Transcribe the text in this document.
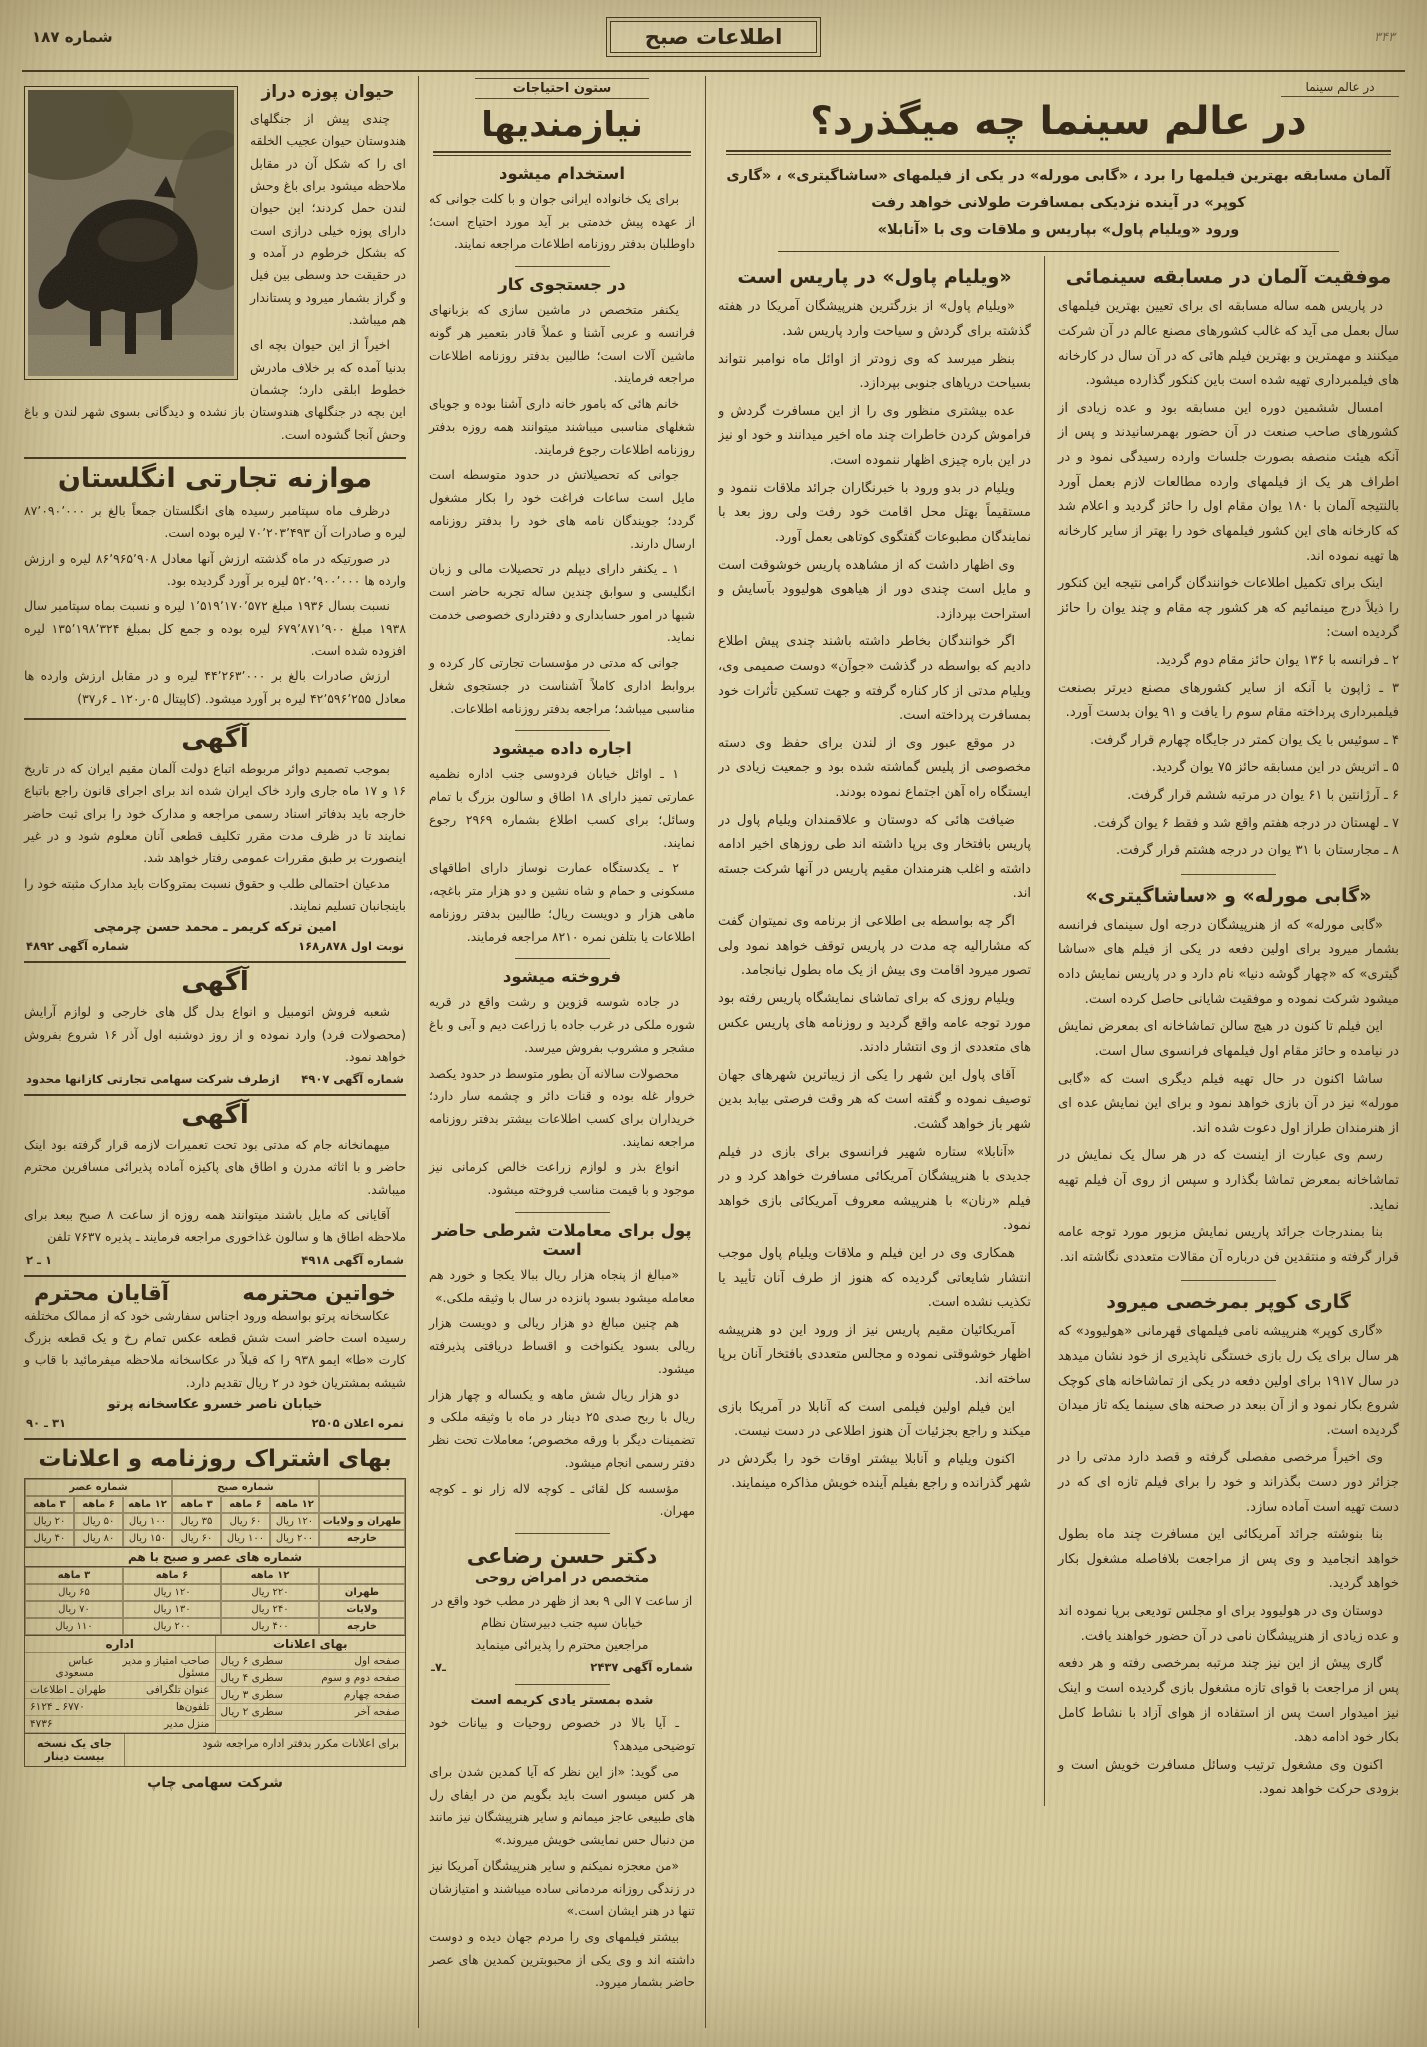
۳۴۳
اطلاعات صبح
شماره ۱۸۷
در عالم سینما
در عالم سینما چه میگذرد؟
آلمان مسابقه بهترین فیلمها را برد ، «گابی مورله» در یکی از فیلمهای «ساشاگیتری» ، «گاری کوپر» در آینده نزدیکی بمسافرت طولانی خواهد رفت
ورود «ویلیام پاول» بپاریس و ملاقات وی با «آنابلا»
موفقیت آلمان در مسابقه سینمائی

در پاریس همه ساله مسابقه ای برای تعیین بهترین فیلمهای سال بعمل می آید که غالب کشورهای مصنع عالم در آن شرکت میکنند و مهمترین و بهترین فیلم هائی که در آن سال در کارخانه های فیلمبرداری تهیه شده است باین کنکور گذارده میشود.

امسال ششمین دوره این مسابقه بود و عده زیادی از کشورهای صاحب صنعت در آن حضور بهمرسانیدند و پس از آنکه هیئت منصفه بصورت جلسات وارده رسیدگی نمود و در اطراف هر یک از فیلمهای وارده مطالعات لازم بعمل آورد بالنتیجه آلمان با ۱۸۰ یوان مقام اول را حائز گردید و اعلام شد که کارخانه های این کشور فیلمهای خود را بهتر از سایر کارخانه ها تهیه نموده اند.

اینک برای تکمیل اطلاعات خوانندگان گرامی نتیجه این کنکور را ذیلاً درج مینمائیم که هر کشور چه مقام و چند یوان را حائز گردیده است:

۲ ـ فرانسه با ۱۳۶ یوان حائز مقام دوم گردید.

۳ ـ ژاپون با آنکه از سایر کشورهای مصنع دیرتر بصنعت فیلمبرداری پرداخته مقام سوم را یافت و ۹۱ یوان بدست آورد.

۴ ـ سوئیس با یک یوان کمتر در جایگاه چهارم قرار گرفت.

۵ ـ اتریش در این مسابقه حائز ۷۵ یوان گردید.

۶ ـ آرژانتین با ۶۱ یوان در مرتبه ششم قرار گرفت.

۷ ـ لهستان در درجه هفتم واقع شد و فقط ۶ یوان گرفت.

۸ ـ مجارستان با ۳۱ یوان در درجه هشتم قرار گرفت.

«گابی مورله» و «ساشاگیتری»

«گابی مورله» که از هنرپیشگان درجه اول سینمای فرانسه بشمار میرود برای اولین دفعه در یکی از فیلم های «ساشا گیتری» که «چهار گوشه دنیا» نام دارد و در پاریس نمایش داده میشود شرکت نموده و موفقیت شایانی حاصل کرده است.

این فیلم تا کنون در هیچ سالن تماشاخانه ای بمعرض نمایش در نیامده و حائز مقام اول فیلمهای فرانسوی سال است.

ساشا اکنون در حال تهیه فیلم دیگری است که «گابی مورله» نیز در آن بازی خواهد نمود و برای این نمایش عده ای از هنرمندان طراز اول دعوت شده اند.

رسم وی عبارت از اینست که در هر سال یک نمایش در تماشاخانه بمعرض تماشا بگذارد و سپس از روی آن فیلم تهیه نماید.

بنا بمندرجات جرائد پاریس نمایش مزبور مورد توجه عامه قرار گرفته و منتقدین فن درباره آن مقالات متعددی نگاشته اند.

گاری کوپر بمرخصی میرود

«گاری کوپر» هنرپیشه نامی فیلمهای قهرمانی «هولیوود» که هر سال برای یک رل بازی خستگی ناپذیری از خود نشان میدهد در سال ۱۹۱۷ برای اولین دفعه در یکی از تماشاخانه های کوچک شروع بکار نمود و از آن ببعد در صحنه های سینما یکه تاز میدان گردیده است.

وی اخیراً مرخصی مفصلی گرفته و قصد دارد مدتی را در جزائر دور دست بگذراند و خود را برای فیلم تازه ای که در دست تهیه است آماده سازد.

بنا بنوشته جرائد آمریکائی این مسافرت چند ماه بطول خواهد انجامید و وی پس از مراجعت بلافاصله مشغول بکار خواهد گردید.

دوستان وی در هولیوود برای او مجلس تودیعی برپا نموده اند و عده زیادی از هنرپیشگان نامی در آن حضور خواهند یافت.

گاری پیش از این نیز چند مرتبه بمرخصی رفته و هر دفعه پس از مراجعت با قوای تازه مشغول بازی گردیده است و اینک نیز امیدوار است پس از استفاده از هوای آزاد با نشاط کامل بکار خود ادامه دهد.

اکنون وی مشغول ترتیب وسائل مسافرت خویش است و بزودی حرکت خواهد نمود.

«ویلیام پاول» در پاریس است

«ویلیام پاول» از بزرگترین هنرپیشگان آمریکا در هفته گذشته برای گردش و سیاحت وارد پاریس شد.

بنظر میرسد که وی زودتر از اوائل ماه نوامبر نتواند بسیاحت دریاهای جنوبی بپردازد.

عده بیشتری منظور وی را از این مسافرت گردش و فراموش کردن خاطرات چند ماه اخیر میدانند و خود او نیز در این باره چیزی اظهار ننموده است.

ویلیام در بدو ورود با خبرنگاران جرائد ملاقات ننمود و مستقیماً بهتل محل اقامت خود رفت ولی روز بعد با نمایندگان مطبوعات گفتگوی کوتاهی بعمل آورد.

وی اظهار داشت که از مشاهده پاریس خوشوقت است و مایل است چندی دور از هیاهوی هولیوود بآسایش و استراحت بپردازد.

اگر خوانندگان بخاطر داشته باشند چندی پیش اطلاع دادیم که بواسطه در گذشت «جوآن» دوست صمیمی وی، ویلیام مدتی از کار کناره گرفته و جهت تسکین تأثرات خود بمسافرت پرداخته است.

در موقع عبور وی از لندن برای حفظ وی دسته مخصوصی از پلیس گماشته شده بود و جمعیت زیادی در ایستگاه راه آهن اجتماع نموده بودند.

ضیافت هائی که دوستان و علاقمندان ویلیام پاول در پاریس بافتخار وی برپا داشته اند طی روزهای اخیر ادامه داشته و اغلب هنرمندان مقیم پاریس در آنها شرکت جسته اند.

اگر چه بواسطه بی اطلاعی از برنامه وی نمیتوان گفت که مشارالیه چه مدت در پاریس توقف خواهد نمود ولی تصور میرود اقامت وی بیش از یک ماه بطول نیانجامد.

ویلیام روزی که برای تماشای نمایشگاه پاریس رفته بود مورد توجه عامه واقع گردید و روزنامه های پاریس عکس های متعددی از وی انتشار دادند.

آقای پاول این شهر را یکی از زیباترین شهرهای جهان توصیف نموده و گفته است که هر وقت فرصتی بیابد بدین شهر باز خواهد گشت.

«آنابلا» ستاره شهیر فرانسوی برای بازی در فیلم جدیدی با هنرپیشگان آمریکائی مسافرت خواهد کرد و در فیلم «رنان» با هنرپیشه معروف آمریکائی بازی خواهد نمود.

همکاری وی در این فیلم و ملاقات ویلیام پاول موجب انتشار شایعاتی گردیده که هنوز از طرف آنان تأیید یا تکذیب نشده است.

آمریکائیان مقیم پاریس نیز از ورود این دو هنرپیشه اظهار خوشوقتی نموده و مجالس متعددی بافتخار آنان برپا ساخته اند.

این فیلم اولین فیلمی است که آنابلا در آمریکا بازی میکند و راجع بجزئیات آن هنوز اطلاعی در دست نیست.

اکنون ویلیام و آنابلا بیشتر اوقات خود را بگردش در شهر گذرانده و راجع بفیلم آینده خویش مذاکره مینمایند.

ستون احتیاجات
نیازمندیها
استخدام میشود

برای یک خانواده ایرانی جوان و با کلت جوانی که از عهده پیش خدمتی بر آید مورد احتیاج است؛ داوطلبان بدفتر روزنامه اطلاعات مراجعه نمایند.

در جستجوی کار

یکنفر متخصص در ماشین سازی که بزبانهای فرانسه و عربی آشنا و عملاً قادر بتعمیر هر گونه ماشین آلات است؛ طالبین بدفتر روزنامه اطلاعات مراجعه فرمایند.

خانم هائی که بامور خانه داری آشنا بوده و جویای شغلهای مناسبی میباشند میتوانند همه روزه بدفتر روزنامه اطلاعات رجوع فرمایند.

جوانی که تحصیلاتش در حدود متوسطه است مایل است ساعات فراغت خود را بکار مشغول گردد؛ جویندگان نامه های خود را بدفتر روزنامه ارسال دارند.

۱ ـ یکنفر دارای دیپلم در تحصیلات مالی و زبان انگلیسی و سوابق چندین ساله تجربه حاضر است شبها در امور حسابداری و دفترداری خصوصی خدمت نماید.

جوانی که مدتی در مؤسسات تجارتی کار کرده و بروابط اداری کاملاً آشناست در جستجوی شغل مناسبی میباشد؛ مراجعه بدفتر روزنامه اطلاعات.

اجاره داده میشود

۱ ـ اوائل خیابان فردوسی جنب اداره نظمیه عمارتی تمیز دارای ۱۸ اطاق و سالون بزرگ با تمام وسائل؛ برای کسب اطلاع بشماره ۲۹۶۹ رجوع نمایند.

۲ ـ یکدستگاه عمارت نوساز دارای اطاقهای مسکونی و حمام و شاه نشین و دو هزار متر باغچه، ماهی هزار و دویست ریال؛ طالبین بدفتر روزنامه اطلاعات یا بتلفن نمره ۸۲۱۰ مراجعه فرمایند.

فروخته میشود

در جاده شوسه قزوین و رشت واقع در قریه شوره ملکی در غرب جاده با زراعت دیم و آبی و باغ مشجر و مشروب بفروش میرسد.

محصولات سالانه آن بطور متوسط در حدود یکصد خروار غله بوده و قنات دائر و چشمه سار دارد؛ خریداران برای کسب اطلاعات بیشتر بدفتر روزنامه مراجعه نمایند.

انواع بذر و لوازم زراعت خالص کرمانی نیز موجود و با قیمت مناسب فروخته میشود.

پول برای معاملات شرطی حاضر است

«مبالغ از پنجاه هزار ریال ببالا یکجا و خورد هم معامله میشود بسود پانزده در سال با وثیقه ملکی.»

هم چنین مبالغ دو هزار ریالی و دویست هزار ریالی بسود یکنواخت و اقساط دریافتی پذیرفته میشود.

دو هزار ریال شش ماهه و یکساله و چهار هزار ریال با ربح صدی ۲۵ دینار در ماه با وثیقه ملکی و تضمینات دیگر با ورقه مخصوص؛ معاملات تحت نظر دفتر رسمی انجام میشود.

مؤسسه کل لقائی ـ کوچه لاله زار نو ـ کوچه مهران.

دکتر حسن رضاعی
متخصص در امراض روحی

از ساعت ۷ الی ۹ بعد از ظهر در مطب خود واقع در خیابان سپه جنب دبیرستان نظام

مراجعین محترم را پذیرائی مینماید

شماره آگهی ۲۴۳۷
ـ۷ـ
شده بمستر یادی کریمه است

ـ آیا بالا در خصوص روحیات و بیانات خود توضیحی میدهد؟

می گوید: «از این نظر که آیا کمدین شدن برای هر کس میسور است باید بگویم من در ایفای رل های طبیعی عاجز میمانم و سایر هنرپیشگان نیز مانند من دنبال حس نمایشی خویش میروند.»

«من معجزه نمیکنم و سایر هنرپیشگان آمریکا نیز در زندگی روزانه مردمانی ساده میباشند و امتیازشان تنها در هنر ایشان است.»

بیشتر فیلمهای وی را مردم جهان دیده و دوست داشته اند و وی یکی از محبوبترین کمدین های عصر حاضر بشمار میرود.

حیوان پوزه دراز

چندی پیش از جنگلهای هندوستان حیوان عجیب الخلقه ای را که شکل آن در مقابل ملاحظه میشود برای باغ وحش لندن حمل کردند؛ این حیوان دارای پوزه خیلی درازی است که بشکل خرطوم در آمده و در حقیقت حد وسطی بین فیل و گراز بشمار میرود و پستاندار هم میباشد.

اخیراً از این حیوان بچه ای بدنیا آمده که بر خلاف مادرش خطوط ابلقی دارد؛ چشمان این بچه در جنگلهای هندوستان باز نشده و دیدگانی بسوی شهر لندن و باغ وحش آنجا گشوده است.

موازنه تجارتی انگلستان

درظرف ماه سپتامبر رسیده های انگلستان جمعاً بالغ بر ۸۷٬۰۹۰٬۰۰۰ لیره و صادرات آن ۷۰٬۲۰۳٬۴۹۳ لیره بوده است.

در صورتیکه در ماه گذشته ارزش آنها معادل ۸۶٬۹۶۵٬۹۰۸ لیره و ارزش وارده ها ۵۲۰٬۹۰۰٬۰۰۰ لیره بر آورد گردیده بود.

نسبت بسال ۱۹۳۶ مبلغ ۱٬۵۱۹٬۱۷۰٬۵۷۲ لیره و نسبت بماه سپتامبر سال ۱۹۳۸ مبلغ ۶۷۹٬۸۷۱٬۹۰۰ لیره بوده و جمع کل بمبلغ ۱۳۵٬۱۹۸٬۳۲۴ لیره افزوده شده است.

ارزش صادرات بالغ بر ۴۴٬۲۶۳٬۰۰۰ لیره و در مقابل ارزش وارده ها معادل ۴۲٬۵۹۶٬۲۵۵ لیره بر آورد میشود. (کاپیتال ۰۵ر۱۲۰ ـ ۶ر۳۷)

آگهی

بموجب تصمیم دوائر مربوطه اتباع دولت آلمان مقیم ایران که در تاریخ ۱۶ و ۱۷ ماه جاری وارد خاک ایران شده اند برای اجرای قانون راجع باتباع خارجه باید بدفاتر اسناد رسمی مراجعه و مدارک خود را برای ثبت حاضر نمایند تا در ظرف مدت مقرر تکلیف قطعی آنان معلوم شود و در غیر اینصورت بر طبق مقررات عمومی رفتار خواهد شد.

مدعیان احتمالی طلب و حقوق نسبت بمتروکات باید مدارک مثبته خود را باینجانبان تسلیم نمایند.

امین ترکه کریمر ـ محمد حسن چرمچی
نوبت اول ۸۷۸ر۱۶۸
شماره آگهی ۴۸۹۲
آگهی

شعبه فروش اتومبیل و انواع بدل گل های خارجی و لوازم آرایش (محصولات فرد) وارد نموده و از روز دوشنبه اول آذر ۱۶ شروع بفروش خواهد نمود.

شماره آگهی ۴۹۰۷
ازطرف شرکت سهامی تجارتی کازانها محدود
آگهی

میهمانخانه جام که مدتی بود تحت تعمیرات لازمه قرار گرفته بود اینک حاضر و با اثاثه مدرن و اطاق های پاکیزه آماده پذیرائی مسافرین محترم میباشد.

آقایانی که مایل باشند میتوانند همه روزه از ساعت ۸ صبح ببعد برای ملاحظه اطاق ها و سالون غذاخوری مراجعه فرمایند ـ پذیره ۷۶۳۷ تلفن

شماره آگهی ۴۹۱۸
۱ ـ ۲
خواتین محترمه
آقایان محترم

عکاسخانه پرتو بواسطه ورود اجناس سفارشی خود که از ممالک مختلفه رسیده است حاضر است شش قطعه عکس تمام رخ و یک قطعه بزرگ کارت «طا» ایمو ۹۳۸ را که قبلاً در عکاسخانه ملاحظه میفرمائید با قاب و شیشه بمشتریان خود در ۲ ریال تقدیم دارد.

خیابان ناصر خسرو عکاسخانه پرتو
نمره اعلان ۲۵۰۵
۳۱ ـ ۹۰
بهای اشتراک روزنامه و اعلانات
شماره صبح
شماره عصر
۱۲ ماهه
۶ ماهه
۳ ماهه
۱۲ ماهه
۶ ماهه
۳ ماهه
طهران و ولایات
۱۲۰ ریال
۶۰ ریال
۳۵ ریال
۱۰۰ ریال
۵۰ ریال
۲۰ ریال
خارجه
۲۰۰ ریال
۱۰۰ ریال
۶۰ ریال
۱۵۰ ریال
۸۰ ریال
۴۰ ریال
شماره های عصر و صبح با هم
۱۲ ماهه
۶ ماهه
۳ ماهه
طهران
۲۲۰ ریال
۱۲۰ ریال
۶۵ ریال
ولایات
۲۴۰ ریال
۱۳۰ ریال
۷۰ ریال
خارجه
۴۰۰ ریال
۲۰۰ ریال
۱۱۰ ریال
بهای اعلانات
صفحه اول
سطری ۶ ریال
صفحه دوم و سوم
سطری ۴ ریال
صفحه چهارم
سطری ۳ ریال
صفحه آخر
سطری ۲ ریال
اداره
صاحب امتیاز و مدیر مسئول
عباس مسعودی
عنوان تلگرافی
طهران ـ اطلاعات
تلفون‌ها
۶۷۷۰ ـ ۶۱۲۴
منزل مدیر
۴۷۳۶
برای اعلانات مکرر بدفتر اداره مراجعه شود
جای یک نسخه بیست دینار
شرکت سهامی چاپ
